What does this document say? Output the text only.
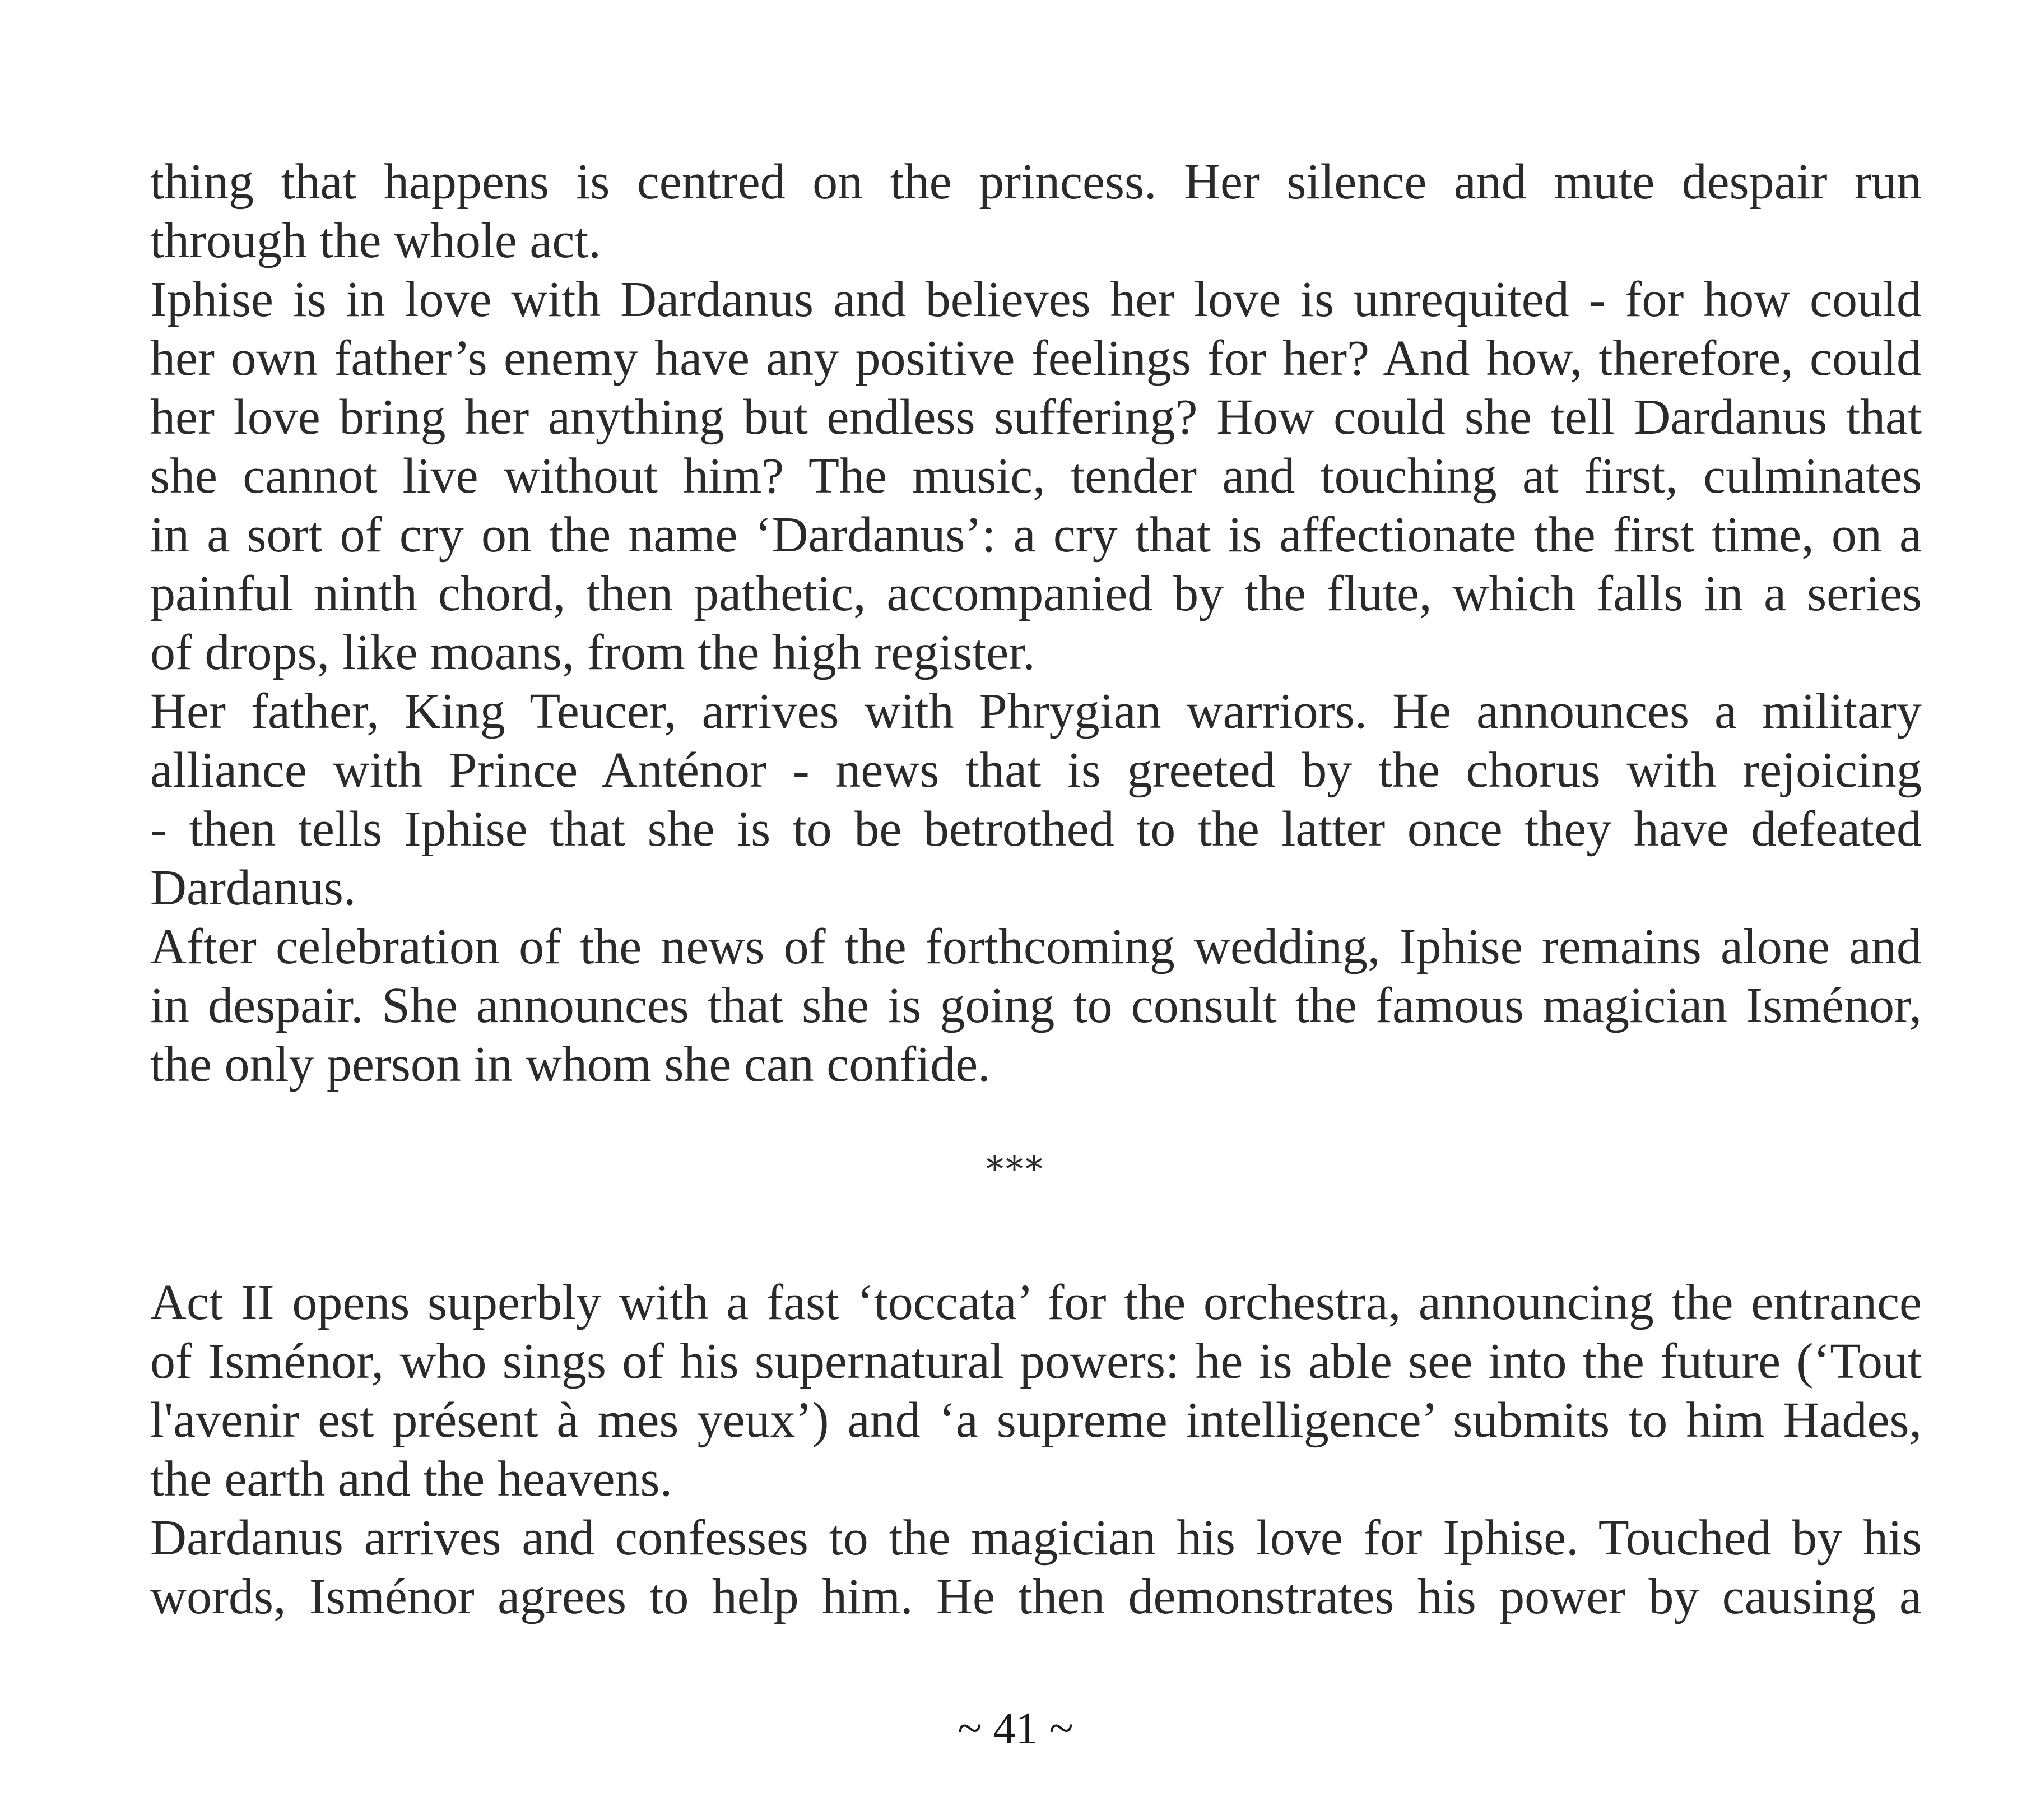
thing that happens is centred on the princess. Her silence and mute despair run
through the whole act.

Iphise is in love with Dardanus and believes her love is unrequited - for how could
her own father’s enemy have any positive feelings for her? And how, therefore, could
her love bring her anything but endless suffering? How could she tell Dardanus that
she cannot live without him? The music, tender and touching at first, culminates
in a sort of cry on the name ‘Dardanus’: a cry that is affectionate the first time, on a
painful ninth chord, then pathetic, accompanied by the flute, which falls in a series
of drops, like moans, from the high register.

Her father, King Teucer, arrives with Phrygian warriors. He announces a military
alliance with Prince Anténor - news that is greeted by the chorus with rejoicing
- then tells Iphise that she is to be betrothed to the latter once they have defeated
Dardanus.

After celebration of the news of the forthcoming wedding, Iphise remains alone and
in despair. She announces that she is going to consult the famous magician Isménor,
the only person in whom she can confide.

***

Act II opens superbly with a fast ‘toccata’ for the orchestra, announcing the entrance
of Isménor, who sings of his supernatural powers: he is able see into the future (‘Tout
l'avenir est présent à mes yeux’) and ‘a supreme intelligence’ submits to him Hades,
the earth and the heavens.

Dardanus arrives and confesses to the magician his love for Iphise. Touched by his
words, Isménor agrees to help him. He then demonstrates his power by causing a

~ 41 ~
